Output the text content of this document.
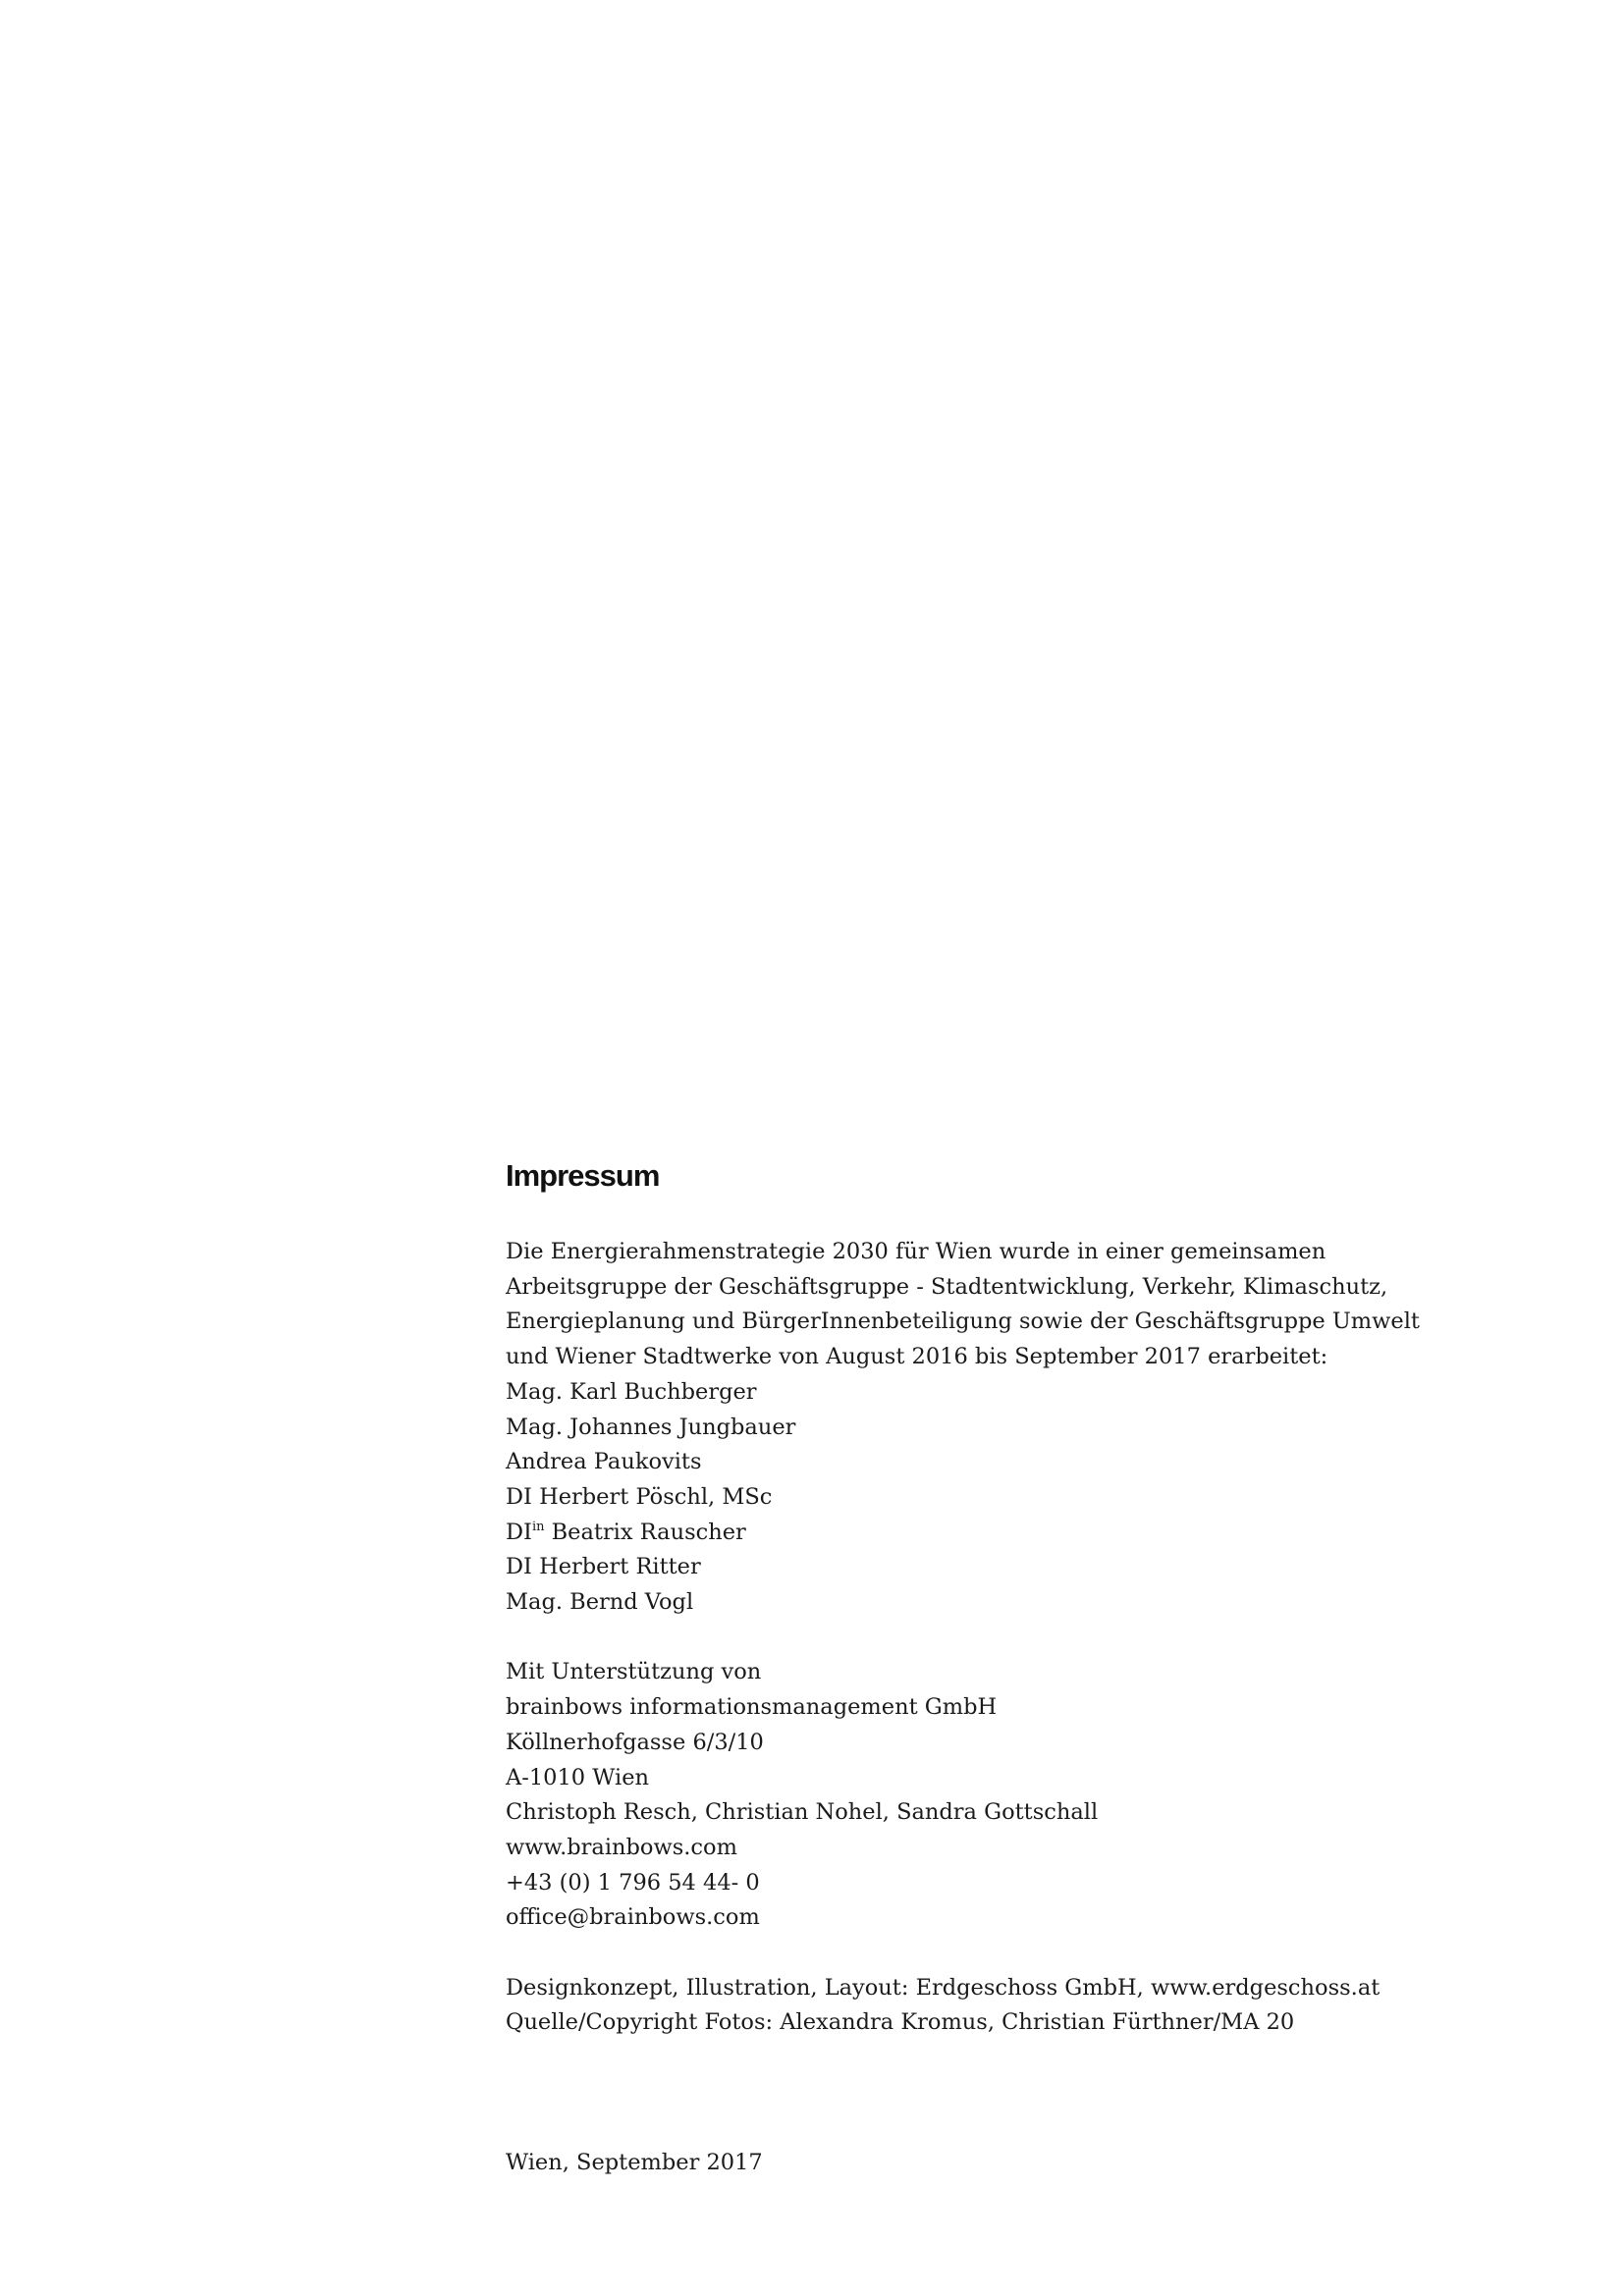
Impressum

Die Energierahmenstrategie 2030 für Wien wurde in einer gemeinsamen

Arbeitsgruppe der Geschäftsgruppe - Stadtentwicklung, Verkehr, Klimaschutz,

Energieplanung und BürgerInnenbeteiligung sowie der Geschäftsgruppe Umwelt

und Wiener Stadtwerke von August 2016 bis September 2017 erarbeitet:

Mag. Karl Buchberger

Mag. Johannes Jungbauer

Andrea Paukovits

DI Herbert Pöschl, MSc

$DI^{in}$ Beatrix Rauscher

DI Herbert Ritter

Mag. Bernd Vogl

Mit Unterstützung von

brainbows informationsmanagement GmbH

Köllnerhofgasse 6/3/10

A-1010 Wien

Christoph Resch, Christian Nohel, Sandra Gottschall

www.brainbows.com

+43 (0) 1 796 54 44- 0

office@brainbows.com

Designkonzept, Illustration, Layout: Erdgeschoss GmbH, www.erdgeschoss.at

Quelle/Copyright Fotos: Alexandra Kromus, Christian Fürthner/MA 20

Wien, September 2017
